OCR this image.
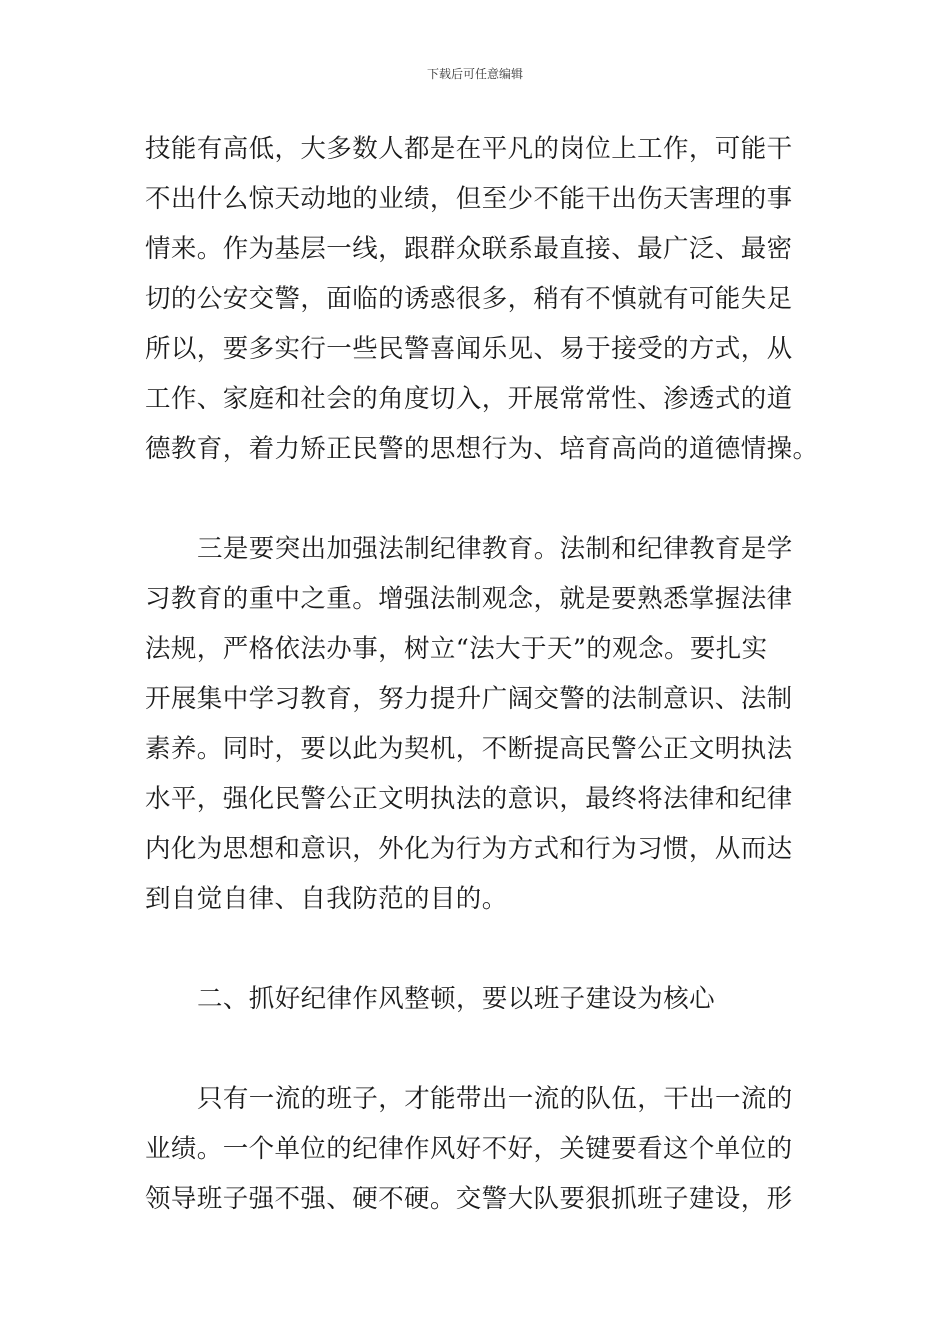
下载后可任意编辑

技能有高低，大多数人都是在平凡的岗位上工作，可能干
不出什么惊天动地的业绩，但至少不能干出伤天害理的事
情来。作为基层一线，跟群众联系最直接、最广泛、最密
切的公安交警，面临的诱惑很多，稍有不慎就有可能失足
所以，要多实行一些民警喜闻乐见、易于接受的方式，从
工作、家庭和社会的角度切入，开展常常性、渗透式的道
德教育，着力矫正民警的思想行为、培育高尚的道德情操。

三是要突出加强法制纪律教育。法制和纪律教育是学
习教育的重中之重。增强法制观念，就是要熟悉掌握法律
法规，严格依法办事，树立“法大于天”的观念。要扎实
开展集中学习教育，努力提升广阔交警的法制意识、法制
素养。同时，要以此为契机，不断提高民警公正文明执法
水平，强化民警公正文明执法的意识，最终将法律和纪律
内化为思想和意识，外化为行为方式和行为习惯，从而达
到自觉自律、自我防范的目的。

二、抓好纪律作风整顿，要以班子建设为核心

只有一流的班子，才能带出一流的队伍，干出一流的
业绩。一个单位的纪律作风好不好，关键要看这个单位的
领导班子强不强、硬不硬。交警大队要狠抓班子建设，形
